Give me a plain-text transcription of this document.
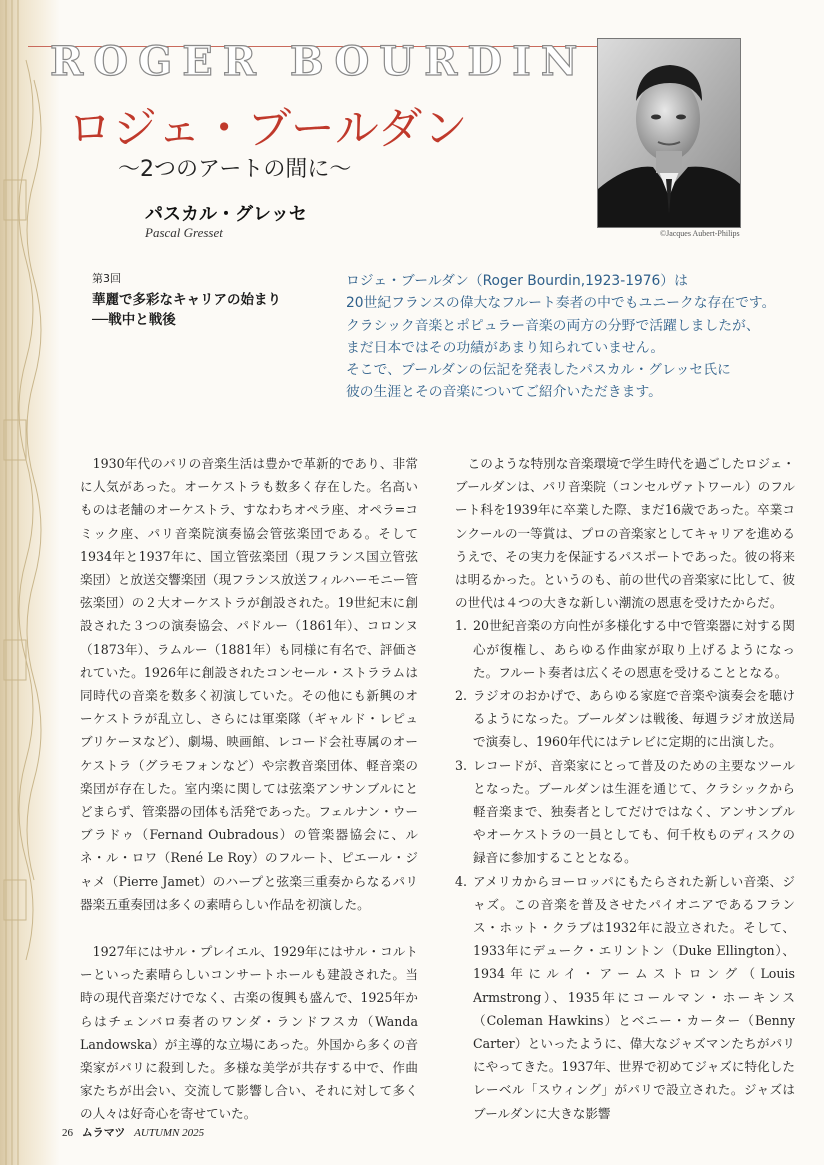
ROGER BOURDIN
ロジェ・ブールダン
～2つのアートの間に～
パスカル・グレッセ
Pascal Gresset	©Jacques Aubert-Philips
第3回
華麗で多彩なキャリアの始まり
──戦中と戦後
ロジェ・ブールダン（Roger Bourdin,1923-1976）は
20世紀フランスの偉大なフルート奏者の中でもユニークな存在です。
クラシック音楽とポピュラー音楽の両方の分野で活躍しましたが、
まだ日本ではその功績があまり知られていません。
そこで、ブールダンの伝記を発表したパスカル・グレッセ氏に
彼の生涯とその音楽についてご紹介いただきます。

1930年代のパリの音楽生活は豊かで革新的であり、非常に人気があった。オーケストラも数多く存在した。名高いものは老舗のオーケストラ、すなわちオペラ座、オペラ=コミック座、パリ音楽院演奏協会管弦楽団である。そして1934年と1937年に、国立管弦楽団（現フランス国立管弦楽団）と放送交響楽団（現フランス放送フィルハーモニー管弦楽団）の２大オーケストラが創設された。19世紀末に創設された３つの演奏協会、パドルー（1861年）、コロンヌ（1873年）、ラムルー（1881年）も同様に有名で、評価されていた。1926年に創設されたコンセール・ストララムは同時代の音楽を数多く初演していた。その他にも新興のオーケストラが乱立し、さらには軍楽隊（ギャルド・レピュブリケーヌなど）、劇場、映画館、レコード会社専属のオーケストラ（グラモフォンなど）や宗教音楽団体、軽音楽の楽団が存在した。室内楽に関しては弦楽アンサンブルにとどまらず、管楽器の団体も活発であった。フェルナン・ウーブラドゥ（Fernand Oubradous）の管楽器協会に、ルネ・ル・ロワ（René Le Roy）のフルート、ピエール・ジャメ（Pierre Jamet）のハープと弦楽三重奏からなるパリ器楽五重奏団は多くの素晴らしい作品を初演した。

1927年にはサル・プレイエル、1929年にはサル・コルトーといった素晴らしいコンサートホールも建設された。当時の現代音楽だけでなく、古楽の復興も盛んで、1925年からはチェンバロ奏者のワンダ・ランドフスカ（Wanda Landowska）が主導的な立場にあった。外国から多くの音楽家がパリに殺到した。多様な美学が共存する中で、作曲家たちが出会い、交流して影響し合い、それに対して多くの人々は好奇心を寄せていた。

このような特別な音楽環境で学生時代を過ごしたロジェ・ブールダンは、パリ音楽院（コンセルヴァトワール）のフルート科を1939年に卒業した際、まだ16歳であった。卒業コンクールの一等賞は、プロの音楽家としてキャリアを進めるうえで、その実力を保証するパスポートであった。彼の将来は明るかった。というのも、前の世代の音楽家に比して、彼の世代は４つの大きな新しい潮流の恩恵を受けたからだ。

1. 20世紀音楽の方向性が多様化する中で管楽器に対する関心が復権し、あらゆる作曲家が取り上げるようになった。フルート奏者は広くその恩恵を受けることとなる。
2. ラジオのおかげで、あらゆる家庭で音楽や演奏会を聴けるようになった。ブールダンは戦後、毎週ラジオ放送局で演奏し、1960年代にはテレビに定期的に出演した。
3. レコードが、音楽家にとって普及のための主要なツールとなった。ブールダンは生涯を通じて、クラシックから軽音楽まで、独奏者としてだけではなく、アンサンブルやオーケストラの一員としても、何千枚ものディスクの録音に参加することとなる。
4. アメリカからヨーロッパにもたらされた新しい音楽、ジャズ。この音楽を普及させたパイオニアであるフランス・ホット・クラブは1932年に設立された。そして、1933年にデューク・エリントン（Duke Ellington）、1934年にルイ・アームストロング（Louis Armstrong）、1935年にコールマン・ホーキンス（Coleman Hawkins）とベニー・カーター（Benny Carter）といったように、偉大なジャズマンたちがパリにやってきた。1937年、世界で初めてジャズに特化したレーベル「スウィング」がパリで設立された。ジャズはブールダンに大きな影響
26 ムラマツ AUTUMN 2025
